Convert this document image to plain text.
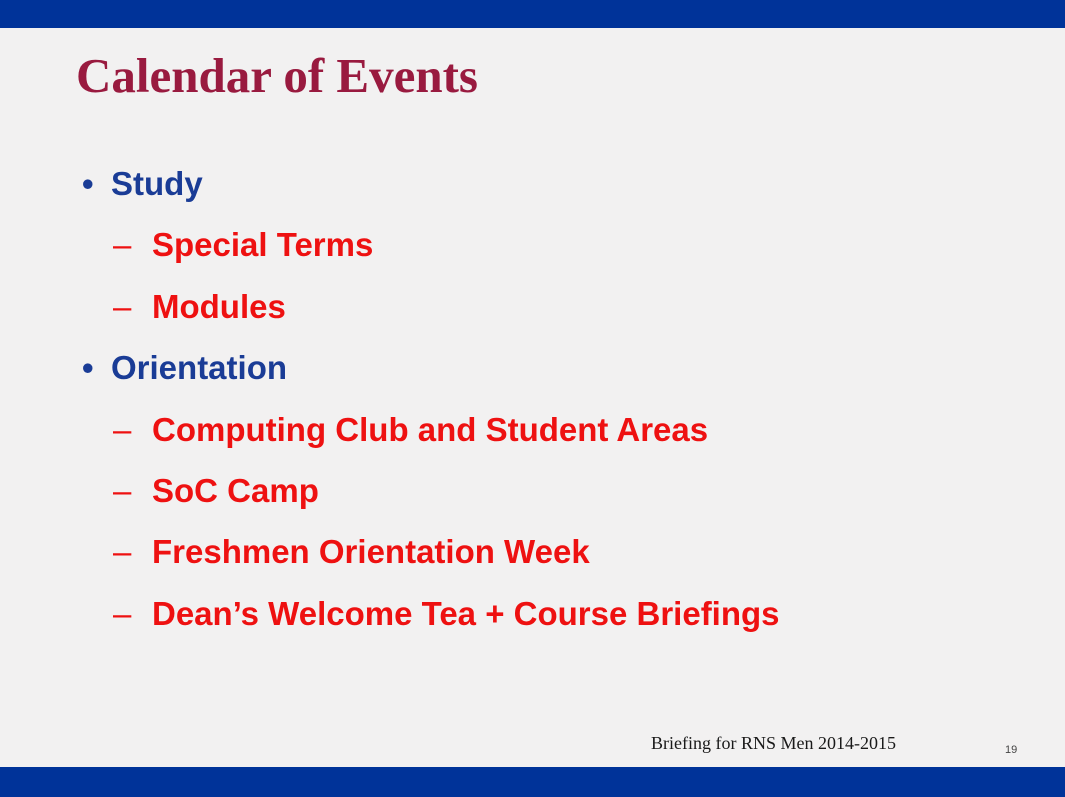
Calendar of Events
• Study
– Special Terms
– Modules
• Orientation
– Computing Club and Student Areas
– SoC Camp
– Freshmen Orientation Week
– Dean’s Welcome Tea + Course Briefings
Briefing for RNS Men 2014-2015	19
